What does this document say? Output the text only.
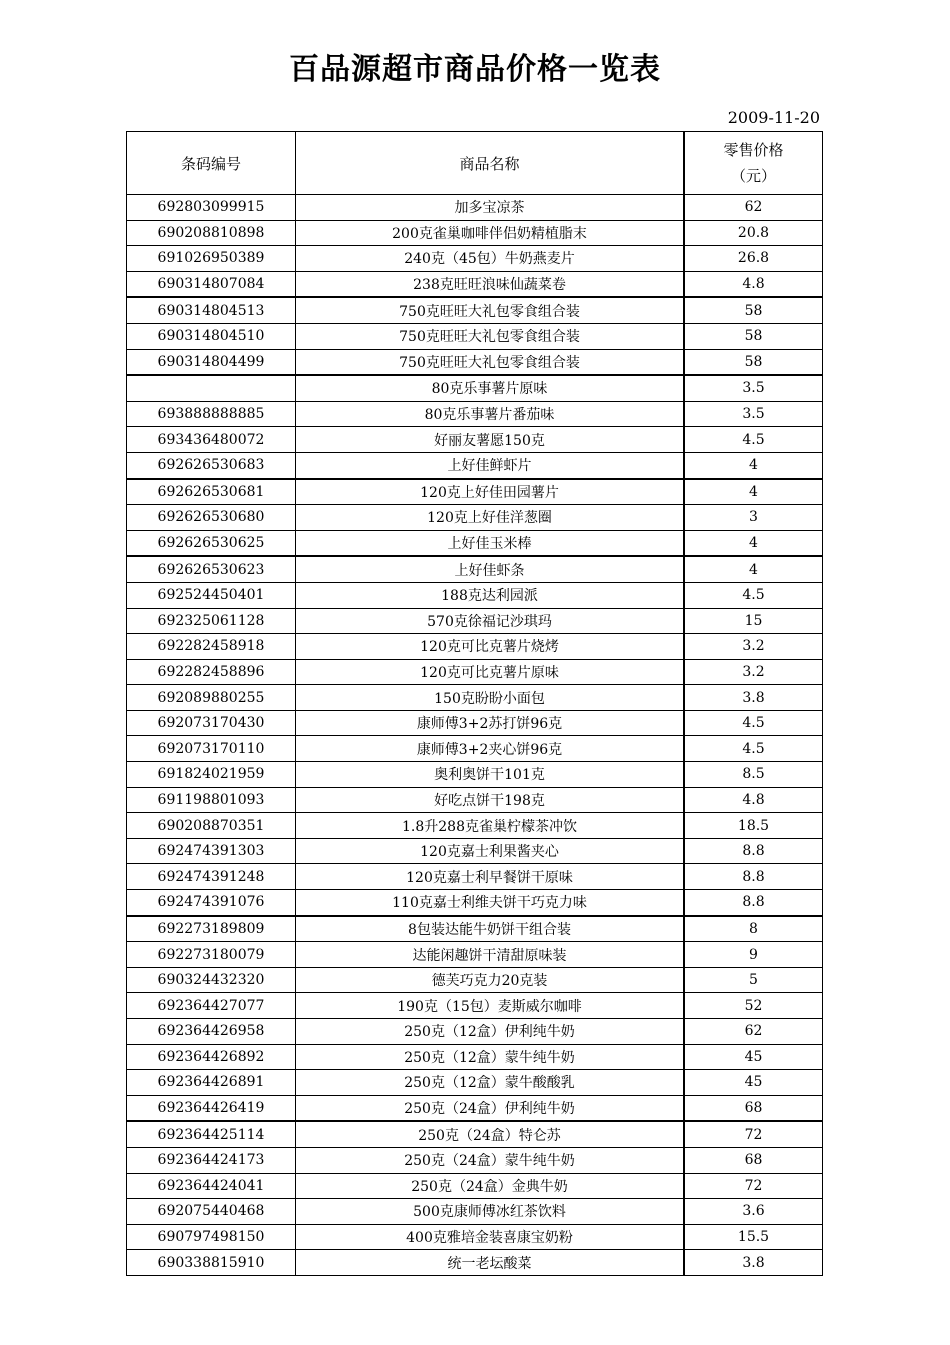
百品源超市商品价格一览表
2009-11-20
条码编号	商品名称	零售价格
（元）
692803099915	加多宝凉茶	62
690208810898	200克雀巢咖啡伴侣奶精植脂末	20.8
691026950389	240克（45包）牛奶燕麦片	26.8
690314807084	238克旺旺浪味仙蔬菜卷	4.8
690314804513	750克旺旺大礼包零食组合装	58
690314804510	750克旺旺大礼包零食组合装	58
690314804499	750克旺旺大礼包零食组合装	58
	80克乐事薯片原味	3.5
693888888885	80克乐事薯片番茄味	3.5
693436480072	好丽友薯愿150克	4.5
692626530683	上好佳鲜虾片	4
692626530681	120克上好佳田园薯片	4
692626530680	120克上好佳洋葱圈	3
692626530625	上好佳玉米棒	4
692626530623	上好佳虾条	4
692524450401	188克达利园派	4.5
692325061128	570克徐福记沙琪玛	15
692282458918	120克可比克薯片烧烤	3.2
692282458896	120克可比克薯片原味	3.2
692089880255	150克盼盼小面包	3.8
692073170430	康师傅3+2苏打饼96克	4.5
692073170110	康师傅3+2夹心饼96克	4.5
691824021959	奥利奥饼干101克	8.5
691198801093	好吃点饼干198克	4.8
690208870351	1.8升288克雀巢柠檬茶冲饮	18.5
692474391303	120克嘉士利果酱夹心	8.8
692474391248	120克嘉士利早餐饼干原味	8.8
692474391076	110克嘉士利维夫饼干巧克力味	8.8
692273189809	8包装达能牛奶饼干组合装	8
692273180079	达能闲趣饼干清甜原味装	9
690324432320	德芙巧克力20克装	5
692364427077	190克（15包）麦斯威尔咖啡	52
692364426958	250克（12盒）伊利纯牛奶	62
692364426892	250克（12盒）蒙牛纯牛奶	45
692364426891	250克（12盒）蒙牛酸酸乳	45
692364426419	250克（24盒）伊利纯牛奶	68
692364425114	250克（24盒）特仑苏	72
692364424173	250克（24盒）蒙牛纯牛奶	68
692364424041	250克（24盒）金典牛奶	72
692075440468	500克康师傅冰红茶饮料	3.6
690797498150	400克雅培金装喜康宝奶粉	15.5
690338815910	统一老坛酸菜	3.8
